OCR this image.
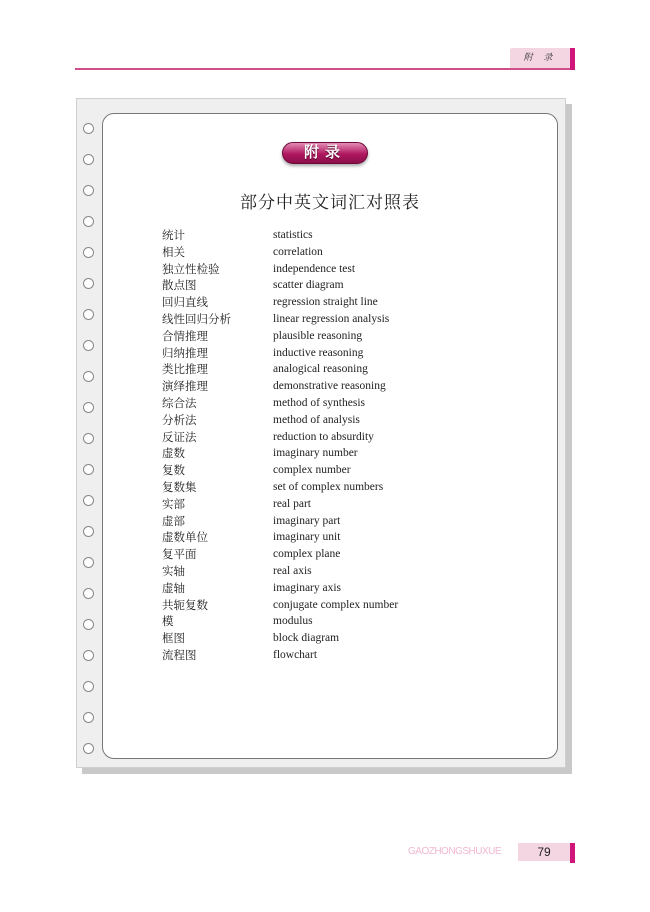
附 录
附录
部分中英文词汇对照表
统计	statistics
相关	correlation
独立性检验	independence test
散点图	scatter diagram
回归直线	regression straight line
线性回归分析	linear regression analysis
合情推理	plausible reasoning
归纳推理	inductive reasoning
类比推理	analogical reasoning
演绎推理	demonstrative reasoning
综合法	method of synthesis
分析法	method of analysis
反证法	reduction to absurdity
虚数	imaginary number
复数	complex number
复数集	set of complex numbers
实部	real part
虚部	imaginary part
虚数单位	imaginary unit
复平面	complex plane
实轴	real axis
虚轴	imaginary axis
共轭复数	conjugate complex number
模	modulus
框图	block diagram
流程图	flowchart
GAOZHONGSHUXUE	79
